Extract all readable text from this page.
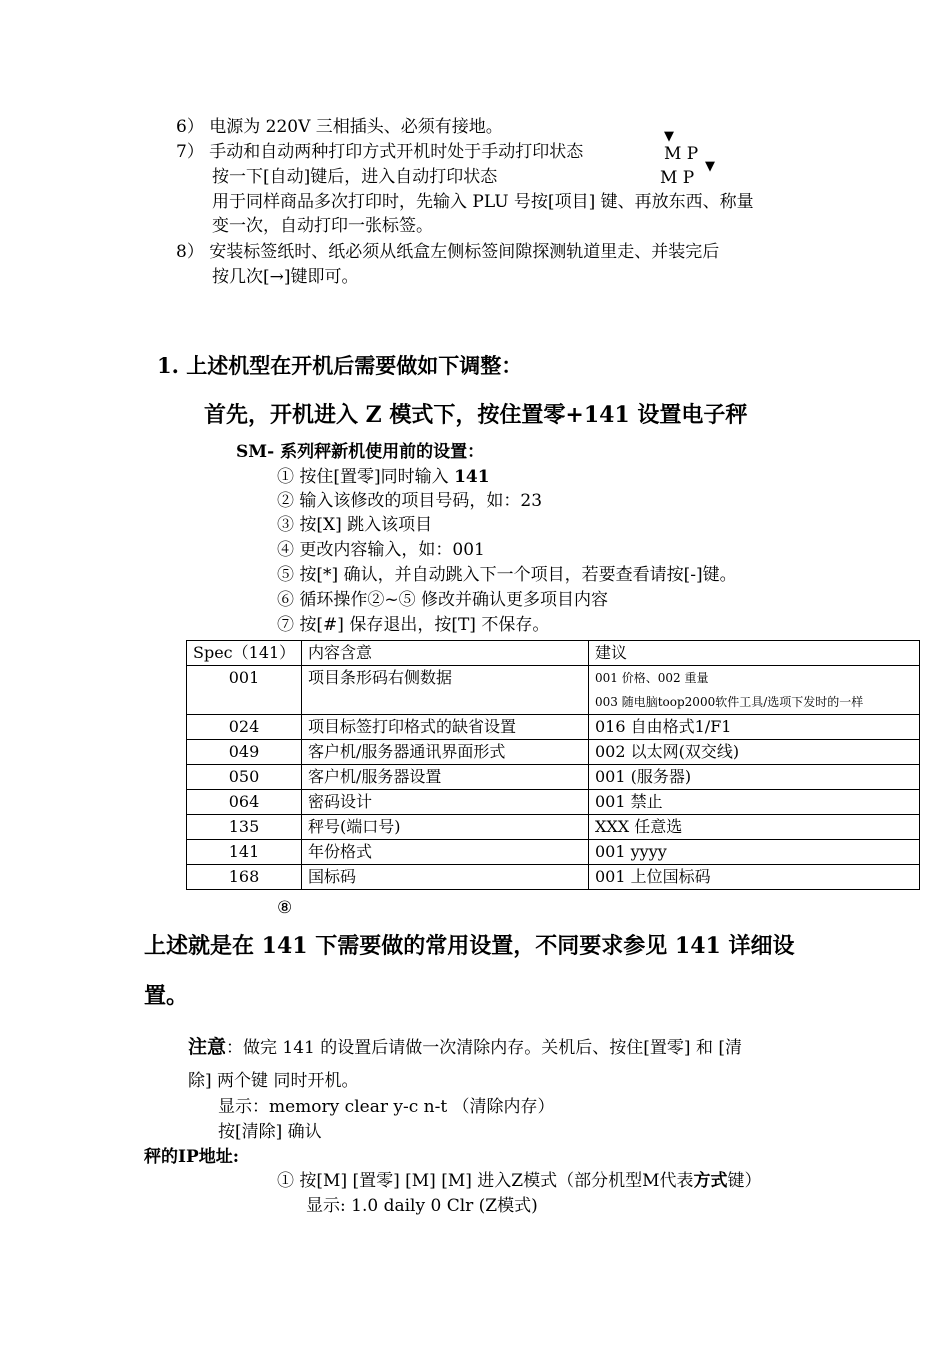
6） 电源为 220V 三相插头、必须有接地。
7） 手动和自动两种打印方式开机时处于手动打印状态
▼
M P
按一下[自动]键后，进入自动打印状态
▼
M P
用于同样商品多次打印时，先输入 PLU 号按[项目] 键、再放东西、称量
变一次，自动打印一张标签。
8） 安装标签纸时、纸必须从纸盒左侧标签间隙探测轨道里走、并装完后
按几次[→]键即可。
1. 上述机型在开机后需要做如下调整：
首先，开机进入 Z 模式下，按住置零+141 设置电子秤
SM- 系列秤新机使用前的设置：
① 按住[置零]同时输入 141
② 输入该修改的项目号码，如：23
③ 按[X] 跳入该项目
④ 更改内容输入，如：001
⑤ 按[*] 确认，并自动跳入下一个项目，若要查看请按[-]键。
⑥ 循环操作②~⑤ 修改并确认更多项目内容
⑦ 按[#] 保存退出，按[T] 不保存。
Spec（141）	内容含意	建议
001	项目条形码右侧数据	001 价格、002 重量
003 随电脑toop2000软件工具/选项下发时的一样

024	项目标签打印格式的缺省设置	016 自由格式1/F1
049	客户机/服务器通讯界面形式	002 以太网(双交线)
050	客户机/服务器设置	001 (服务器)
064	密码设计	001 禁止
135	秤号(端口号)	XXX 任意选
141	年份格式	001 yyyy
168	国标码	001 上位国标码
⑧
上述就是在 141 下需要做的常用设置，不同要求参见 141 详细设
置。
注意：做完 141 的设置后请做一次清除内存。关机后、按住[置零] 和 [清
除] 两个键 同时开机。
显示：memory clear y-c n-t （清除内存）
按[清除] 确认
秤的IP地址:
① 按[M] [置零] [M] [M] 进入Z模式（部分机型M代表方式键）
显示: 1.0 daily 0 Clr (Z模式)
